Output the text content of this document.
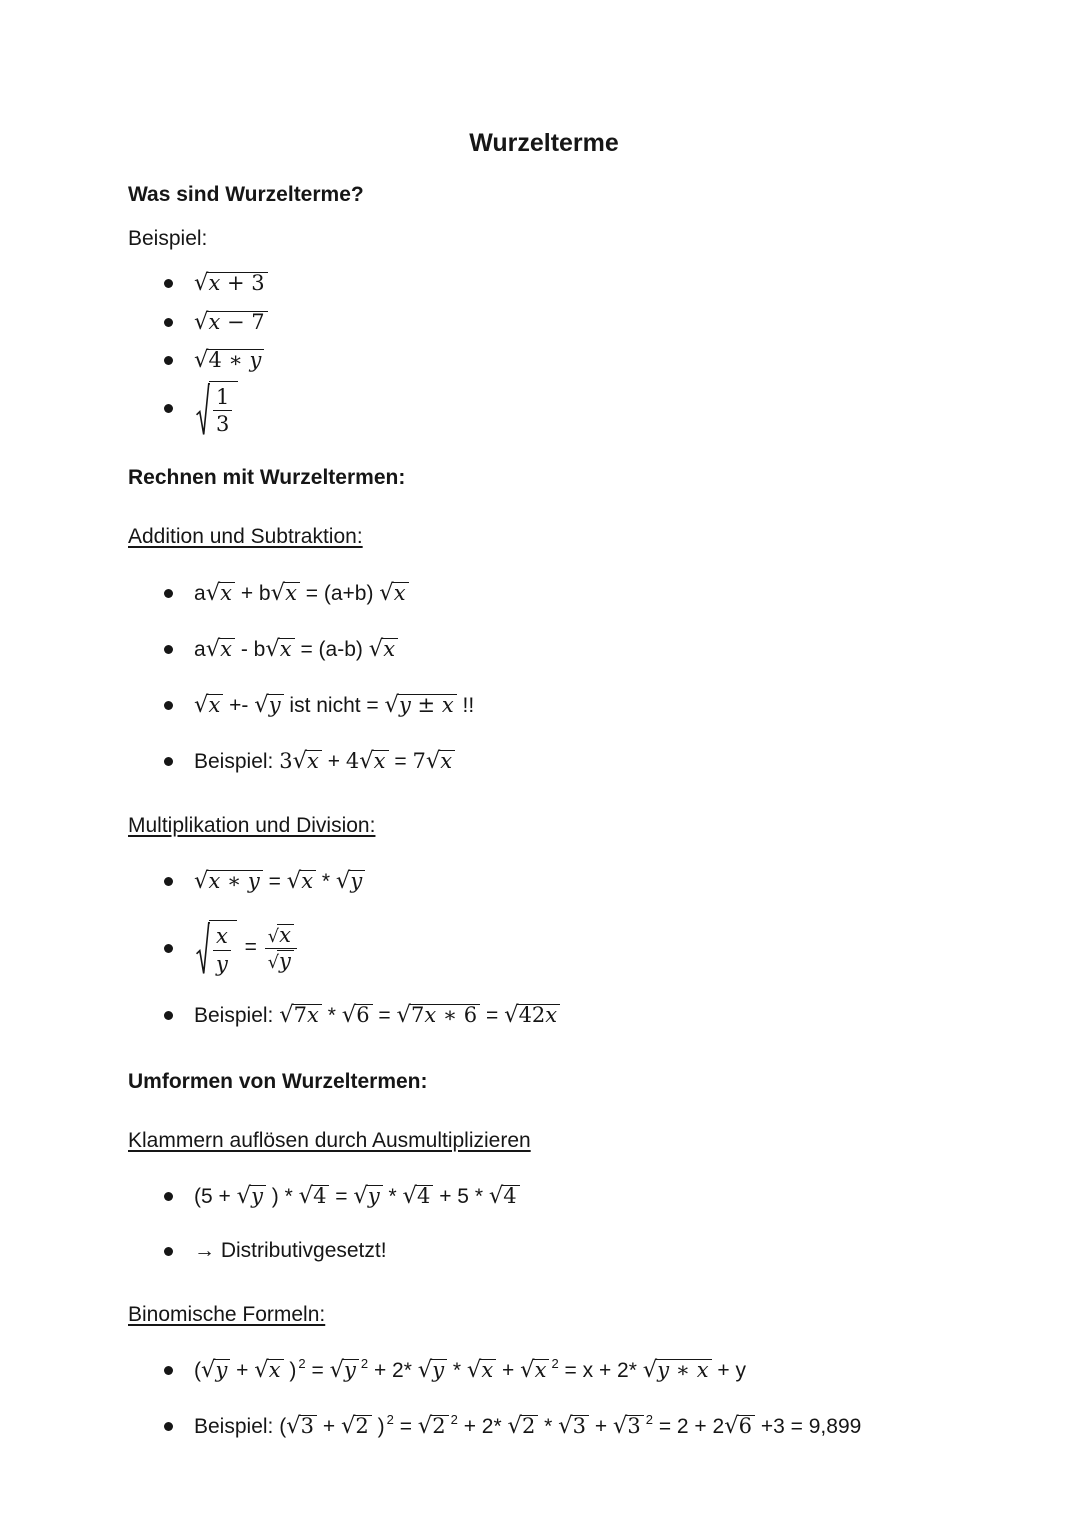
Wurzelterme
Was sind Wurzelterme?

Beispiel:

√x + 3
√x − 7
√4 ∗ y
$\frac{1}{3}$
Rechnen mit Wurzeltermen:
Addition und Subtraktion:
a√x + b√x = (a+b) √x
a√x - b√x = (a-b) √x
√x +- √y ist nicht = √y ± x !!
Beispiel: 3√x + 4√x = 7√x
Multiplikation und Division:
√x ∗ y = √x * √y
$\frac{x}{y} = \frac{√x}{√y}$
Beispiel: √7x * √6 = √7x ∗ 6 = √42x
Umformen von Wurzeltermen:
Klammern auflösen durch Ausmultiplizieren
(5 + √y ) * √4 = √y * √4 + 5 * √4
→ Distributivgesetzt!
Binomische Formeln:
(√y + √x ) $^2$ = √y $^2$ + 2* √y * √x + √x $^2$ = x + 2* √y ∗ x + y
Beispiel: (√3 + √2 ) $^2$ = √2 $^2$ + 2* √2 * √3 + √3 $^2$ = 2 + 2√6 +3 = 9,899
